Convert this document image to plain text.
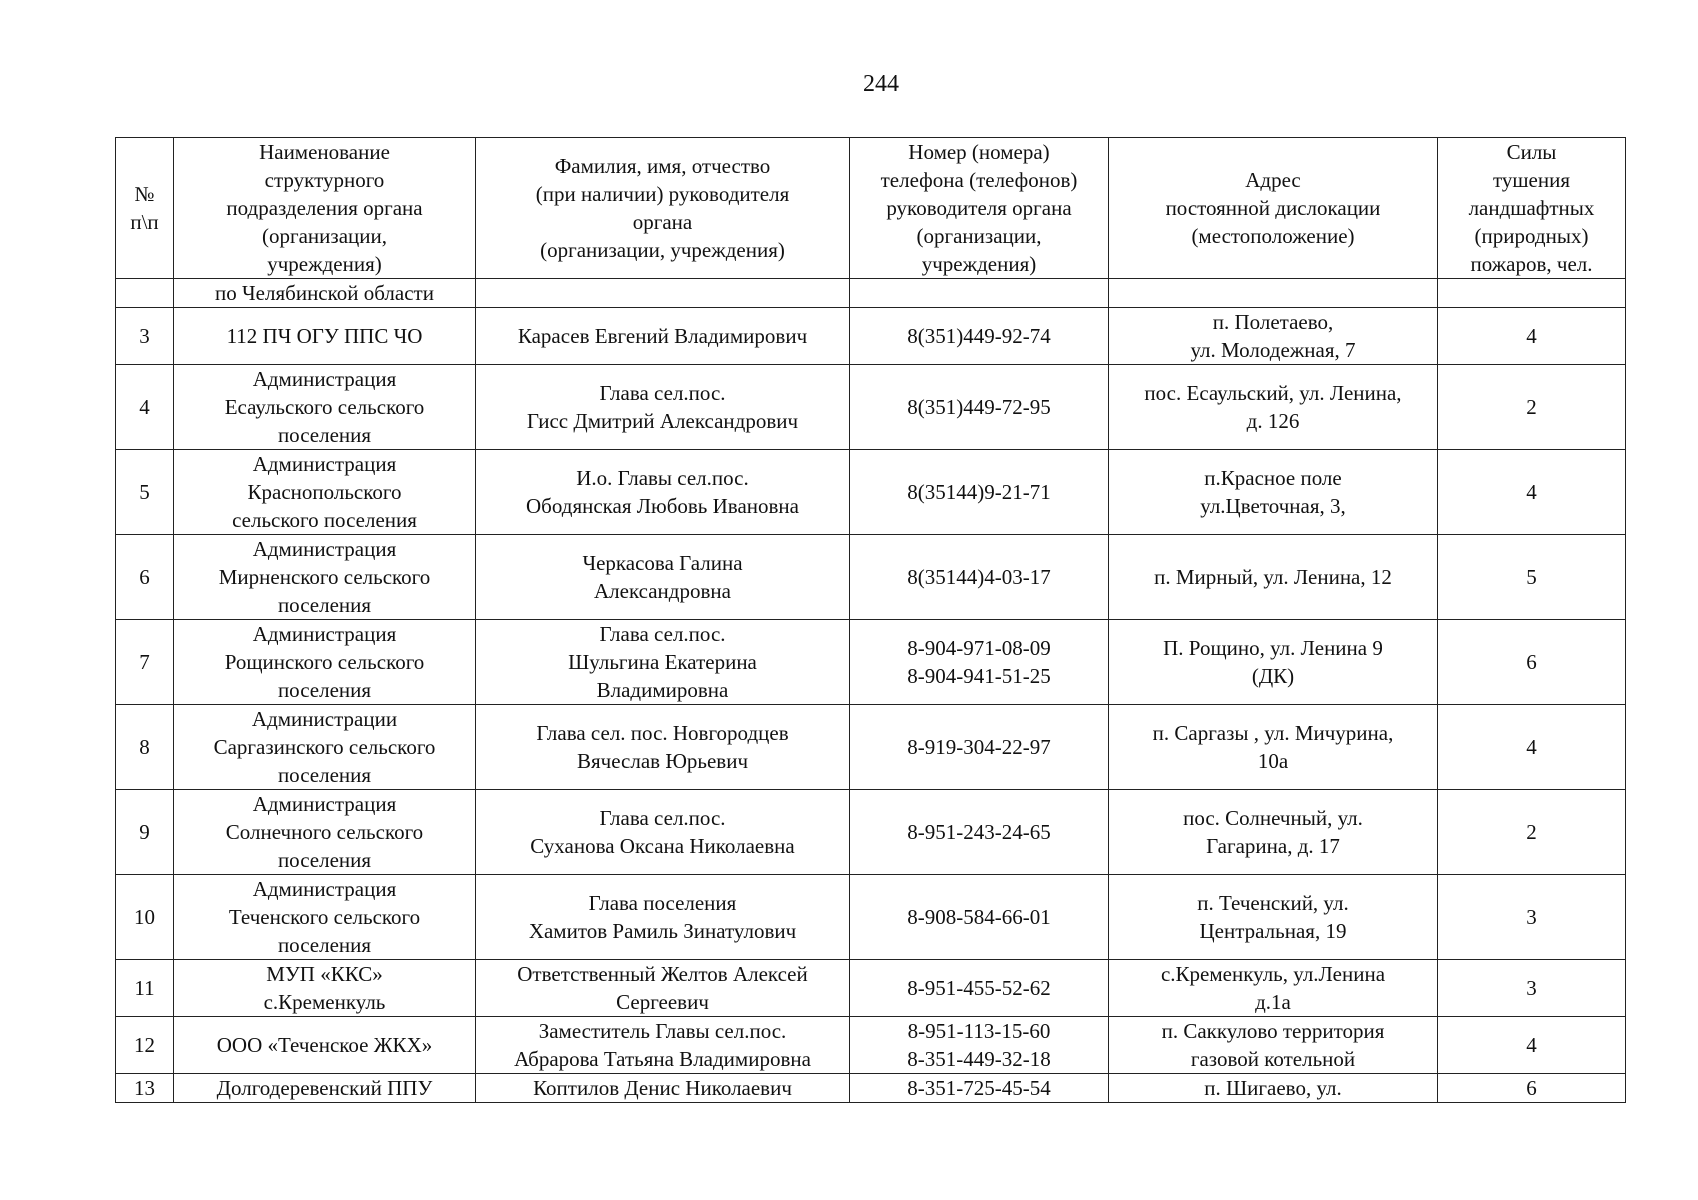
244
№
п\п	Наименование
структурного
подразделения органа
(организации,
учреждения)	Фамилия, имя, отчество
(при наличии) руководителя
органа
(организации, учреждения)	Номер (номера)
телефона (телефонов)
руководителя органа
(организации,
учреждения)	Адрес
постоянной дислокации
(местоположение)	Силы
тушения
ландшафтных
(природных)
пожаров, чел.
	по Челябинской области				
3	112 ПЧ ОГУ ППС ЧО	Карасев Евгений Владимирович	8(351)449-92-74	п. Полетаево,
ул. Молодежная, 7	4
4	Администрация
Есаульского сельского
поселения	Глава сел.пос.
Гисс Дмитрий Александрович	8(351)449-72-95	пос. Есаульский, ул. Ленина,
д. 126	2
5	Администрация
Краснопольского
сельского поселения	И.о. Главы сел.пос.
Ободянская Любовь Ивановна	8(35144)9-21-71	п.Красное поле
ул.Цветочная, 3,	4
6	Администрация
Мирненского сельского
поселения	Черкасова Галина
Александровна	8(35144)4-03-17	п. Мирный, ул. Ленина, 12	5
7	Администрация
Рощинского сельского
поселения	Глава сел.пос.
Шульгина Екатерина
Владимировна	8-904-971-08-09
8-904-941-51-25	П. Рощино, ул. Ленина 9
(ДК)	6
8	Администрации
Саргазинского сельского
поселения	Глава сел. пос. Новгородцев
Вячеслав Юрьевич	8-919-304-22-97	п. Саргазы , ул. Мичурина,
10а	4
9	Администрация
Солнечного сельского
поселения	Глава сел.пос.
Суханова Оксана Николаевна	8-951-243-24-65	пос. Солнечный, ул.
Гагарина, д. 17	2
10	Администрация
Теченского сельского
поселения	Глава поселения
Хамитов Рамиль Зинатулович	8-908-584-66-01	п. Теченский, ул.
Центральная, 19	3
11	МУП «ККС»
с.Кременкуль	Ответственный Желтов Алексей
Сергеевич	8-951-455-52-62	с.Кременкуль, ул.Ленина
д.1а	3
12	ООО «Теченское ЖКХ»	Заместитель Главы сел.пос.
Абрарова Татьяна Владимировна	8-951-113-15-60
8-351-449-32-18	п. Саккулово территория
газовой котельной	4
13	Долгодеревенский ППУ	Коптилов Денис Николаевич	8-351-725-45-54	п. Шигаево, ул.	6
